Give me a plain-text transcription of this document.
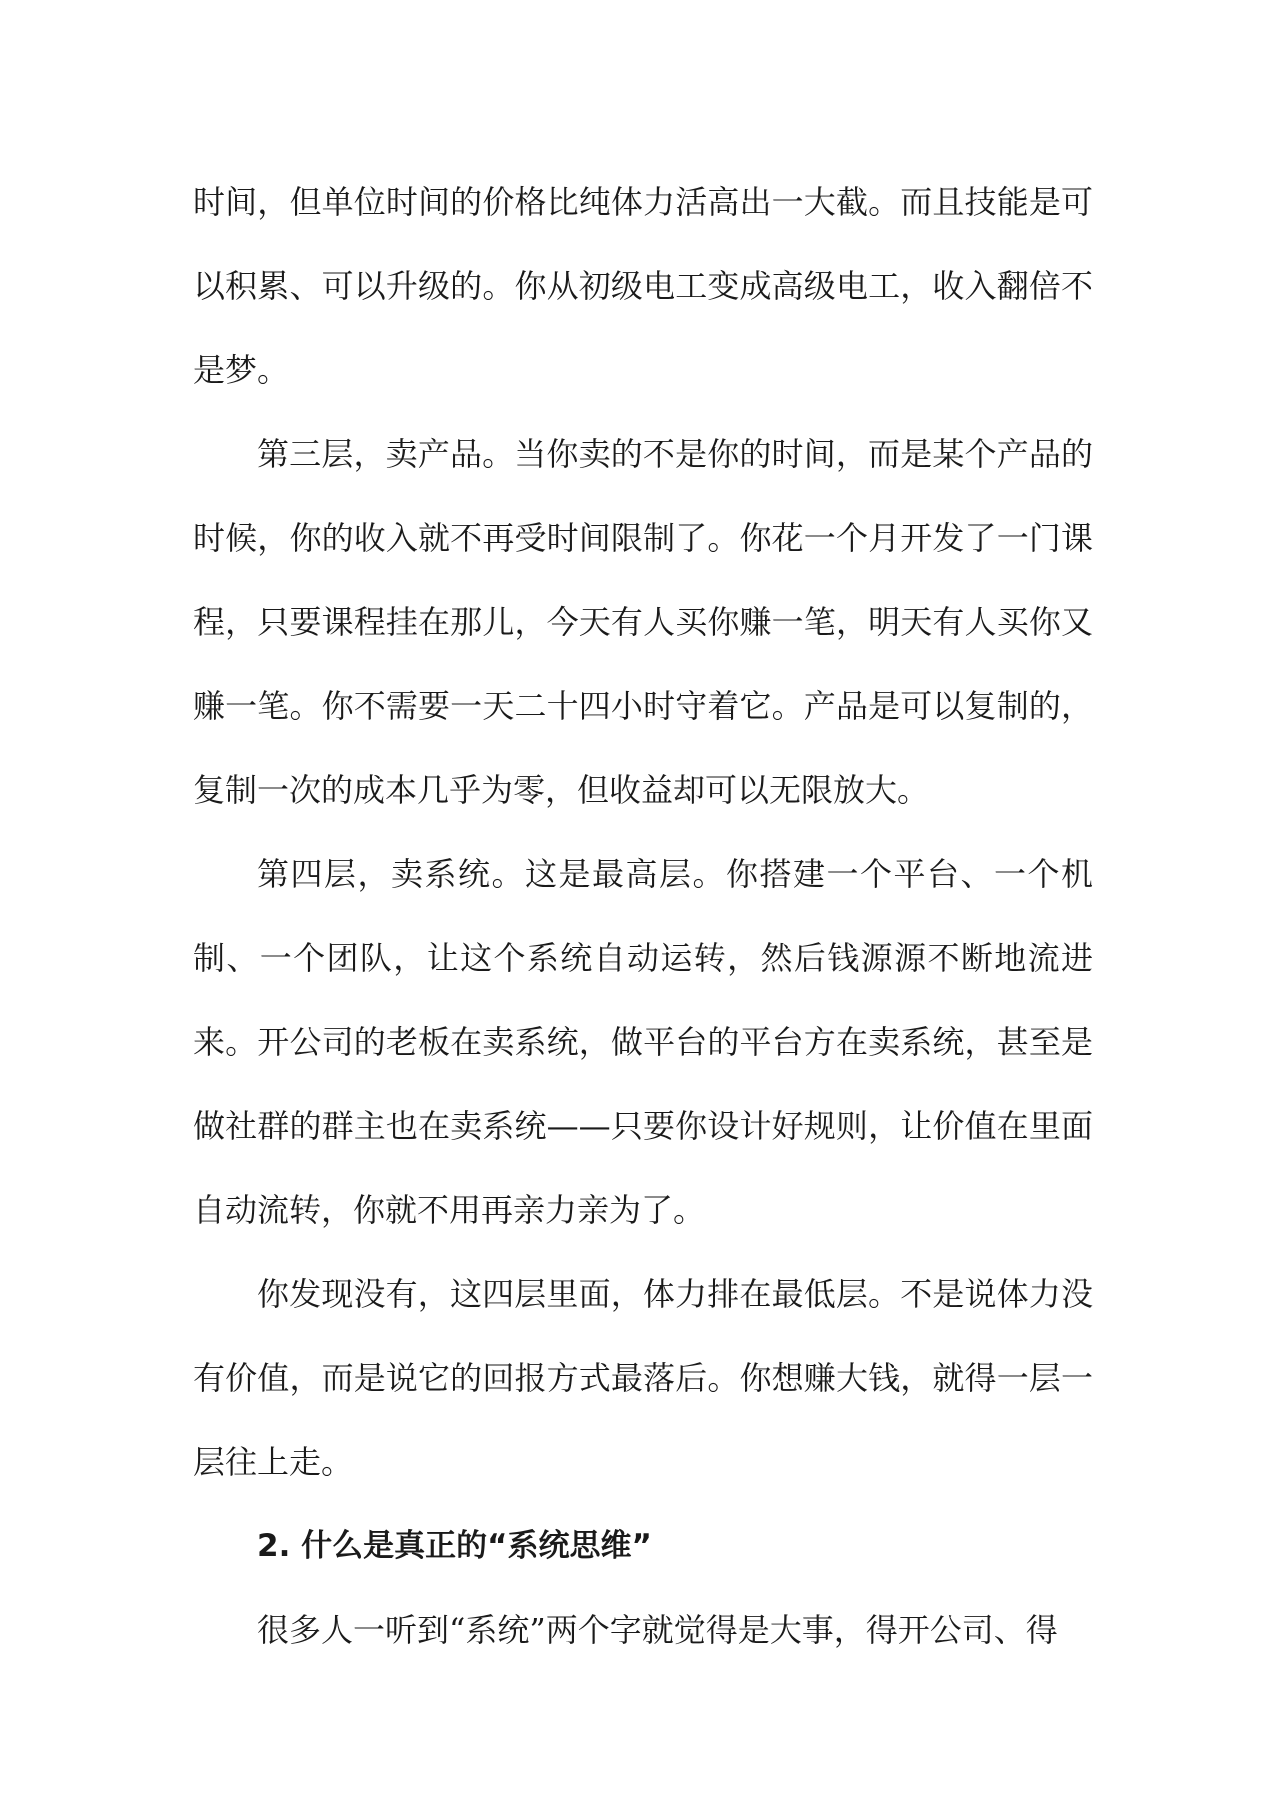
时间，但单位时间的价格比纯体力活高出一大截。而且技能是可以积累、可以升级的。你从初级电工变成高级电工，收入翻倍不是梦。

第三层，卖产品。当你卖的不是你的时间，而是某个产品的时候，你的收入就不再受时间限制了。你花一个月开发了一门课程，只要课程挂在那儿，今天有人买你赚一笔，明天有人买你又赚一笔。你不需要一天二十四小时守着它。产品是可以复制的，复制一次的成本几乎为零，但收益却可以无限放大。

第四层，卖系统。这是最高层。你搭建一个平台、一个机制、一个团队，让这个系统自动运转，然后钱源源不断地流进来。开公司的老板在卖系统，做平台的平台方在卖系统，甚至是做社群的群主也在卖系统——只要你设计好规则，让价值在里面自动流转，你就不用再亲力亲为了。

你发现没有，这四层里面，体力排在最低层。不是说体力没有价值，而是说它的回报方式最落后。你想赚大钱，就得一层一层往上走。

2. 什么是真正的“系统思维”

很多人一听到“系统”两个字就觉得是大事，得开公司、得
